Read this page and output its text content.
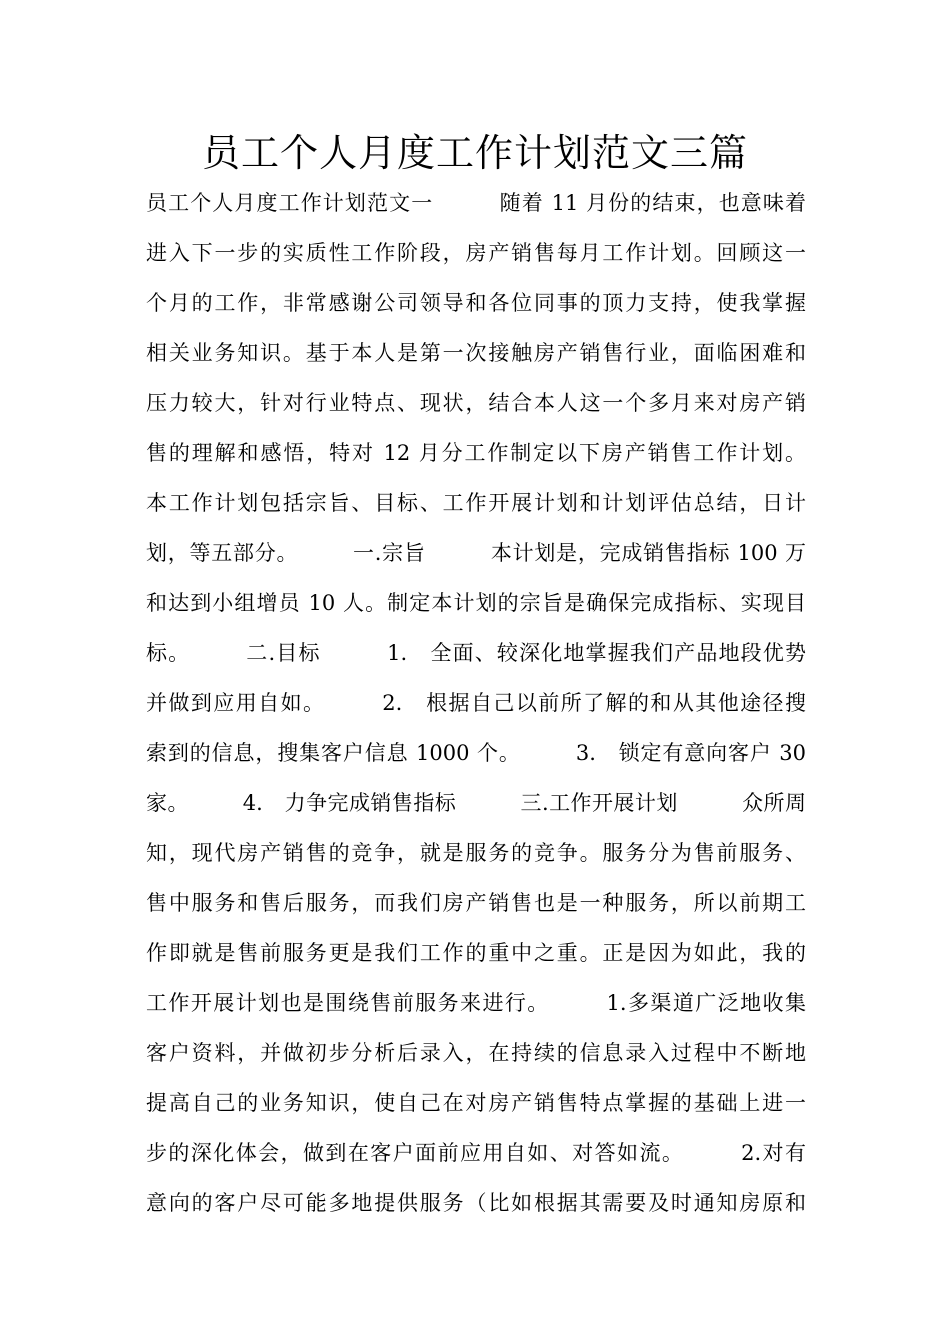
员工个人月度工作计划范文三篇
员工个人月度工作计划范文一　　　随着 11 月份的结束，也意味着
进入下一步的实质性工作阶段，房产销售每月工作计划。回顾这一
个月的工作，非常感谢公司领导和各位同事的顶力支持，使我掌握
相关业务知识。基于本人是第一次接触房产销售行业，面临困难和
压力较大，针对行业特点、现状，结合本人这一个多月来对房产销
售的理解和感悟，特对 12 月分工作制定以下房产销售工作计划。
本工作计划包括宗旨、目标、工作开展计划和计划评估总结，日计
划，等五部分。　　　一.宗旨　　　本计划是，完成销售指标 100 万
和达到小组增员 10 人。制定本计划的宗旨是确保完成指标、实现目
标。　　　二.目标　　　1.　全面、较深化地掌握我们产品地段优势
并做到应用自如。　　　2.　根据自己以前所了解的和从其他途径搜
索到的信息，搜集客户信息 1000 个。　　　3.　锁定有意向客户 30
家。　　　4.　力争完成销售指标　　　三.工作开展计划　　　众所周
知，现代房产销售的竞争，就是服务的竞争。服务分为售前服务、
售中服务和售后服务，而我们房产销售也是一种服务，所以前期工
作即就是售前服务更是我们工作的重中之重。正是因为如此，我的
工作开展计划也是围绕售前服务来进行。　　　1.多渠道广泛地收集
客户资料，并做初步分析后录入，在持续的信息录入过程中不断地
提高自己的业务知识，使自己在对房产销售特点掌握的基础上进一
步的深化体会，做到在客户面前应用自如、对答如流。　　　2.对有
意向的客户尽可能多地提供服务（比如根据其需要及时通知房原和
